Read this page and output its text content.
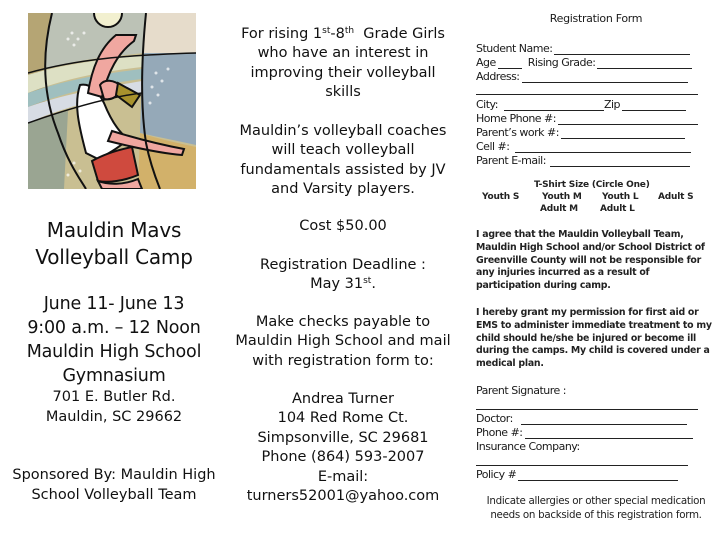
Mauldin Mavs
Volleyball Camp
June 11- June 13
9:00 a.m. – 12 Noon
Mauldin High School
Gymnasium
701 E. Butler Rd.
Mauldin, SC 29662
Sponsored By: Mauldin High
School Volleyball Team
For rising 1st-8th  Grade Girls
who have an interest in
improving their volleyball
skills
Mauldin’s volleyball coaches
will teach volleyball
fundamentals assisted by JV
and Varsity players.
Cost $50.00
Registration Deadline :
May 31st.
Make checks payable to
Mauldin High School and mail
with registration form to:
Andrea Turner
104 Red Rome Ct.
Simpsonville, SC 29681
Phone (864) 593-2007
E-mail:
turners52001@yahoo.com
Registration Form
Student Name:
Age	Rising Grade:
Address:
City:	Zip
Home Phone #:
Parent’s work #:
Cell #:
Parent E-mail:
T-Shirt Size (Circle One)
Youth S	Youth M Youth L Adult S
Adult M Adult L
I agree that the Mauldin Volleyball Team, Mauldin High School and/or School District of Greenville County will not be responsible for any injuries incurred as a result of participation during camp.
I hereby grant my permission for first aid or EMS to administer immediate treatment to my child should he/she be injured or become ill during the camps. My child is covered under a medical plan.
Parent Signature :
Doctor:
Phone #:
Insurance Company:
Policy #
Indicate allergies or other special medication needs on backside of this registration form.
